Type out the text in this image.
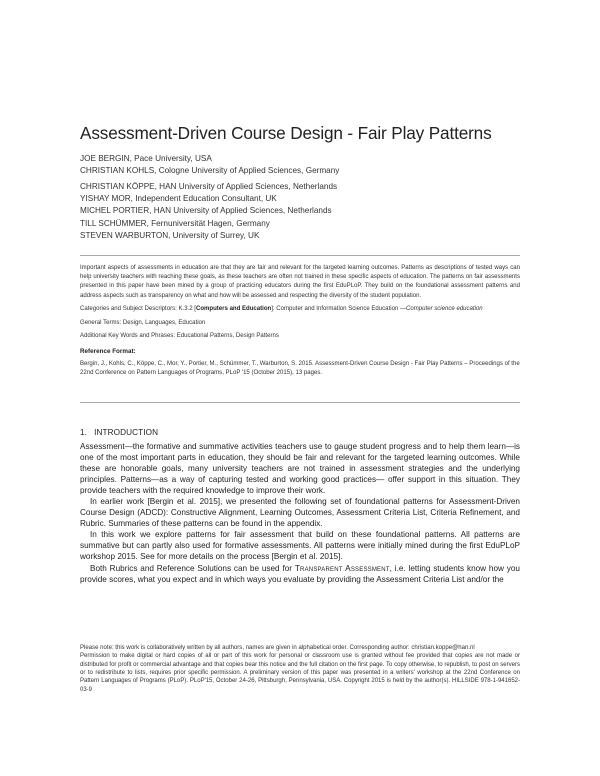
Assessment-Driven Course Design - Fair Play Patterns
JOE BERGIN, Pace University, USA
CHRISTIAN KOHLS, Cologne University of Applied Sciences, Germany
CHRISTIAN KÖPPE, HAN University of Applied Sciences, Netherlands
YISHAY MOR, Independent Education Consultant, UK
MICHEL PORTIER, HAN University of Applied Sciences, Netherlands
TILL SCHÜMMER, Fernuniversität Hagen, Germany
STEVEN WARBURTON, University of Surrey, UK

Important aspects of assessments in education are that they are fair and relevant for the targeted learning outcomes. Patterns as descriptions of tested ways can help university teachers with reaching these goals, as these teachers are often not trained in these specific aspects of education. The patterns on fair assessments presented in this paper have been mined by a group of practicing educators during the first EduPLoP. They build on the foundational assessment patterns and address aspects such as transparency on what and how will be assessed and respecting the diversity of the student population.

Categories and Subject Descriptors: K.3.2 [Computers and Education]: Computer and Information Science Education —Computer science education

General Terms: Design, Languages, Education

Additional Key Words and Phrases: Educational Patterns, Design Patterns

Reference Format:

Bergin, J., Kohls, C., Köppe, C., Mor, Y., Portier, M., Schümmer, T., Warburton, S. 2015. Assessment-Driven Course Design - Fair Play Patterns – Proceedings of the 22nd Conference on Pattern Languages of Programs, PLoP '15 (October 2015), 13 pages.

1.   INTRODUCTION

Assessment—the formative and summative activities teachers use to gauge student progress and to help them learn—is one of the most important parts in education, they should be fair and relevant for the targeted learning outcomes. While these are honorable goals, many university teachers are not trained in assessment strategies and the underlying principles. Patterns—as a way of capturing tested and working good practices— offer support in this situation. They provide teachers with the required knowledge to improve their work.

In earlier work [Bergin et al. 2015], we presented the following set of foundational patterns for Assessment-Driven Course Design (ADCD): Constructive Alignment, Learning Outcomes, Assessment Criteria List, Criteria Refinement, and Rubric. Summaries of these patterns can be found in the appendix.

In this work we explore patterns for fair assessment that build on these foundational patterns. All patterns are summative but can partly also used for formative assessments. All patterns were initially mined during the first EduPLoP workshop 2015. See for more details on the process [Bergin et al. 2015].

Both Rubrics and Reference Solutions can be used for Transparent Assessment, i.e. letting students know how you provide scores, what you expect and in which ways you evaluate by providing the Assessment Criteria List and/or the

Please note: this work is collaboratively written by all authors, names are given in alphabetical order. Corresponding author: christian.koppe@han.nl

Permission to make digital or hard copies of all or part of this work for personal or classroom use is granted without fee provided that copies are not made or distributed for profit or commercial advantage and that copies bear this notice and the full citation on the first page. To copy otherwise, to republish, to post on servers or to redistribute to lists, requires prior specific permission. A preliminary version of this paper was presented in a writers' workshop at the 22nd Conference on Pattern Languages of Programs (PLoP). PLoP'15, October 24-26, Pittsburgh, Pennsylvania, USA. Copyright 2015 is held by the author(s). HILLSIDE 978-1-941652-03-9
